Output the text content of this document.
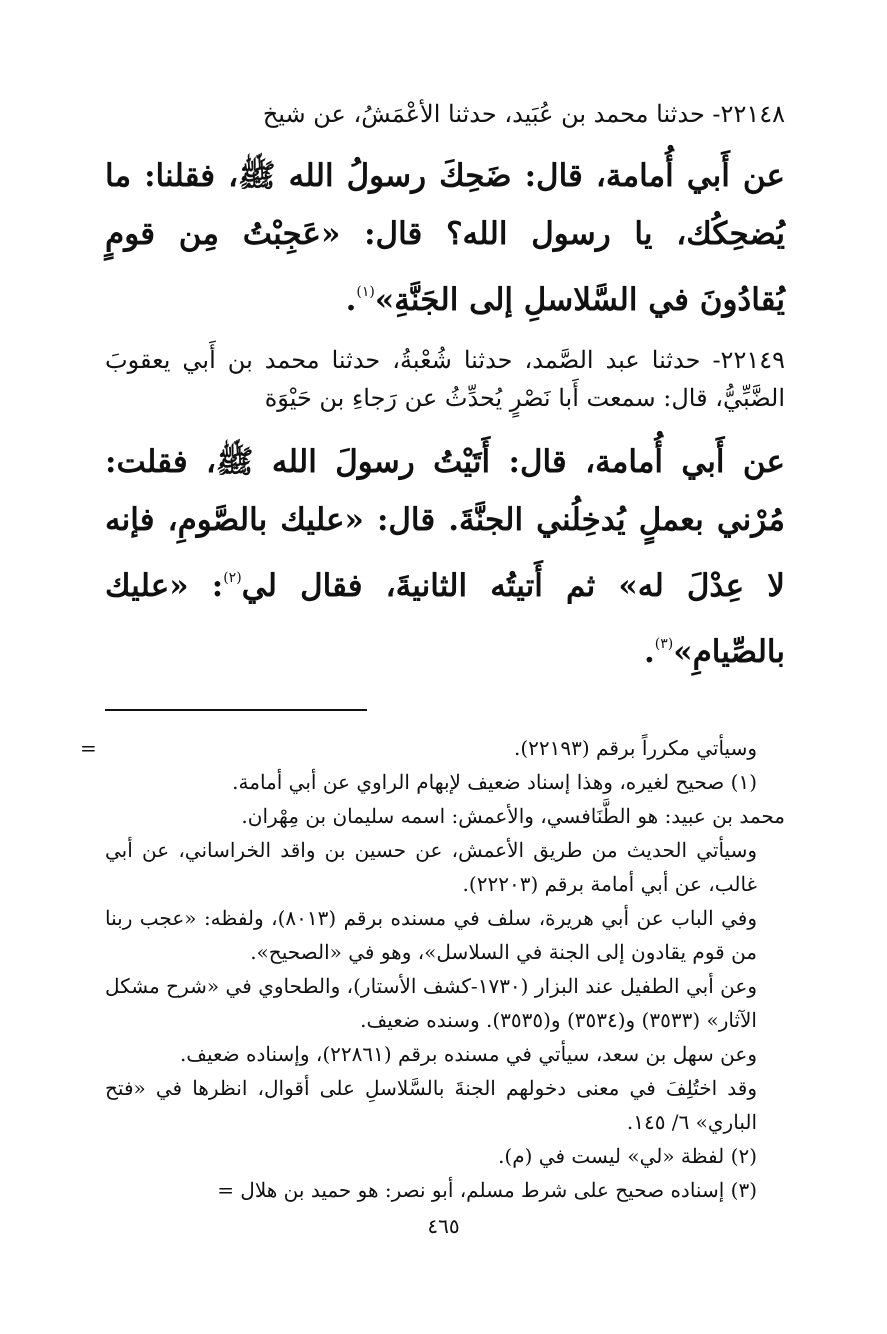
٢٢١٤٨- حدثنا محمد بن عُبَيد، حدثنا الأعْمَشُ، عن شيخ

عن أَبي أُمامة، قال: ضَحِكَ رسولُ الله ﷺ، فقلنا: ما يُضحِكُك، يا رسول الله؟ قال: «عَجِبْتُ مِن قومٍ يُقادُونَ في السَّلاسلِ إلى الجَنَّةِ»$^{(١)}$.

٢٢١٤٩- حدثنا عبد الصَّمد، حدثنا شُعْبةُ، حدثنا محمد بن أَبي يعقوبَ الضَّبِّيُّ، قال: سمعت أَبا نَصْرٍ يُحدِّثُ عن رَجاءِ بن حَيْوَة

عن أَبي أُمامة، قال: أَتَيْتُ رسولَ الله ﷺ، فقلت: مُرْني بعملٍ يُدخِلُني الجنَّةَ. قال: «عليك بالصَّومِ، فإنه لا عِدْلَ له» ثم أَتيتُه الثانيةَ، فقال لي$^{(٢)}$: «عليك بالصِّيامِ»$^{(٣)}$.

=	وسيأتي مكرراً برقم (٢٢١٩٣).

(١) صحيح لغيره، وهذا إسناد ضعيف لإبهام الراوي عن أبي أمامة.

محمد بن عبيد: هو الطَّنَافسي، والأعمش: اسمه سليمان بن مِهْران.

وسيأتي الحديث من طريق الأعمش، عن حسين بن واقد الخراساني، عن أبي غالب، عن أبي أمامة برقم (٢٢٢٠٣).

وفي الباب عن أبي هريرة، سلف في مسنده برقم (٨٠١٣)، ولفظه: «عجب ربنا من قوم يقادون إلى الجنة في السلاسل»، وهو في «الصحيح».

وعن أبي الطفيل عند البزار (١٧٣٠-كشف الأستار)، والطحاوي في «شرح مشكل الآثار» (٣٥٣٣) و(٣٥٣٤) و(٣٥٣٥). وسنده ضعيف.

وعن سهل بن سعد، سيأتي في مسنده برقم (٢٢٨٦١)، وإسناده ضعيف.

وقد اختُلِفَ في معنى دخولهم الجنةَ بالسَّلاسلِ على أقوال، انظرها في «فتح الباري» ٦/ ١٤٥.

(٢) لفظة «لي» ليست في (م).

(٣) إسناده صحيح على شرط مسلم، أبو نصر: هو حميد بن هلال =

٤٦٥
